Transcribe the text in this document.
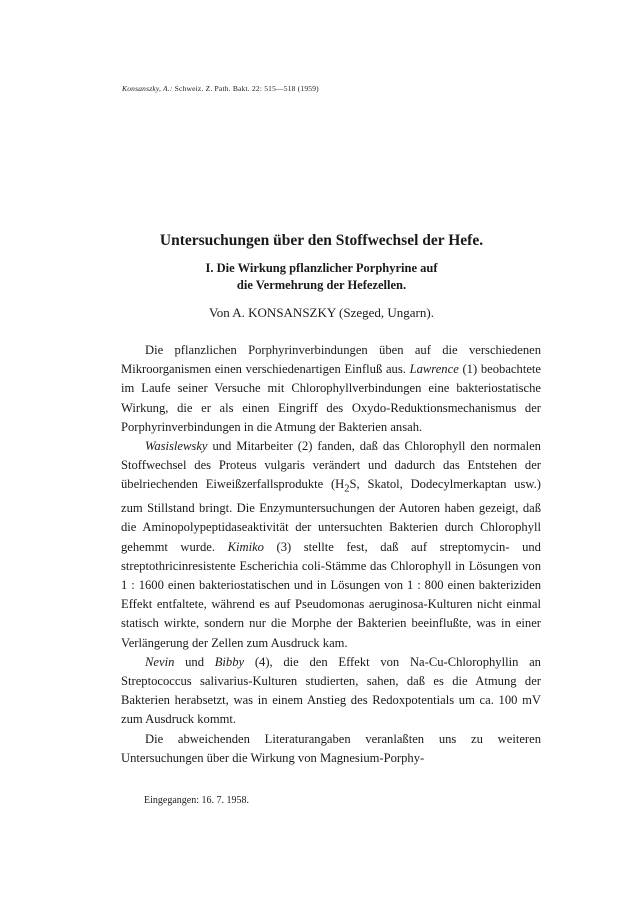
Konsanszky, A.: Schweiz. Z. Path. Bakt. 22: 515—518 (1959)
Untersuchungen über den Stoffwechsel der Hefe.
I. Die Wirkung pflanzlicher Porphyrine auf
die Vermehrung der Hefezellen.
Von A. KONSANSZKY (Szeged, Ungarn).

Die pflanzlichen Porphyrinverbindungen üben auf die verschiedenen Mikroorganismen einen verschiedenartigen Einfluß aus. Lawrence (1) beobachtete im Laufe seiner Versuche mit Chlorophyllverbindungen eine bakteriostatische Wirkung, die er als einen Eingriff des Oxydo-Reduktionsmechanismus der Porphyrinverbindungen in die Atmung der Bakterien ansah.

Wasislewsky und Mitarbeiter (2) fanden, daß das Chlorophyll den normalen Stoffwechsel des Proteus vulgaris verändert und dadurch das Entstehen der übelriechenden Eiweißzerfallsprodukte ($H_2S$, Skatol, Dodecylmerkaptan usw.) zum Stillstand bringt. Die Enzymuntersuchungen der Autoren haben gezeigt, daß die Aminopolypeptidaseaktivität der untersuchten Bakterien durch Chlorophyll gehemmt wurde. Kimiko (3) stellte fest, daß auf streptomycin- und streptothricinresistente Escherichia coli-Stämme das Chlorophyll in Lösungen von 1 : 1600 einen bakteriostatischen und in Lösungen von 1 : 800 einen bakteriziden Effekt entfaltete, während es auf Pseudomonas aeruginosa-Kulturen nicht einmal statisch wirkte, sondern nur die Morphe der Bakterien beeinflußte, was in einer Verlängerung der Zellen zum Ausdruck kam.

Nevin und Bibby (4), die den Effekt von Na-Cu-Chlorophyllin an Streptococcus salivarius-Kulturen studierten, sahen, daß es die Atmung der Bakterien herabsetzt, was in einem Anstieg des Redoxpotentials um ca. 100 mV zum Ausdruck kommt.

Die abweichenden Literaturangaben veranlaßten uns zu weiteren Untersuchungen über die Wirkung von Magnesium-Porphy-

Eingegangen: 16. 7. 1958.
